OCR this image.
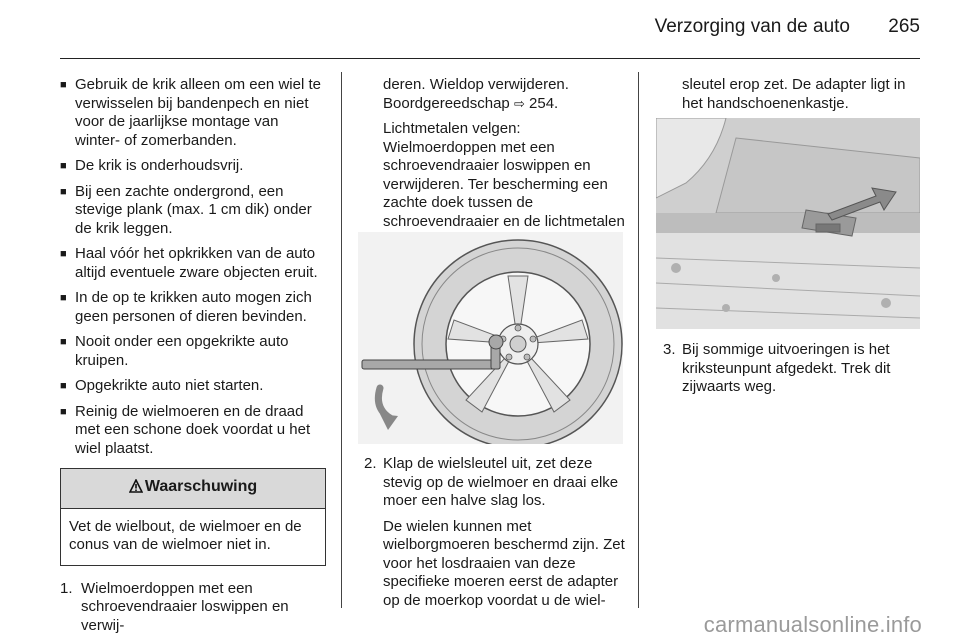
Verzorging van de auto 265
■ Gebruik de krik alleen om een wiel te verwisselen bij bandenpech en niet voor de jaarlijkse montage van winter- of zomerbanden.
■ De krik is onderhoudsvrij.
■ Bij een zachte ondergrond, een stevige plank (max. 1 cm dik) onder de krik leggen.
■ Haal vóór het opkrikken van de auto altijd eventuele zware objecten eruit.
■ In de op te krikken auto mogen zich geen personen of dieren bevinden.
■ Nooit onder een opgekrikte auto kruipen.
■ Opgekrikte auto niet starten.
■ Reinig de wielmoeren en de draad met een schone doek voordat u het wiel plaatst.
Waarschuwing
Vet de wielbout, de wielmoer en de conus van de wielmoer niet in.
1. Wielmoerdoppen met een schroevendraaier loswippen en verwij-

deren. Wieldop verwijderen.

Boordgereedschap ⇨ 254.

Lichtmetalen velgen: Wielmoerdoppen met een schroevendraaier loswippen en verwijderen. Ter bescherming een zachte doek tussen de schroevendraaier en de lichtmetalen

2. Klap de wielsleutel uit, zet deze stevig op de wielmoer en draai elke moer een halve slag los.

De wielen kunnen met wielborgmoeren beschermd zijn. Zet voor het losdraaien van deze specifieke moeren eerst de adapter op de moerkop voordat u de wiel-

sleutel erop zet. De adapter ligt in het handschoenenkastje.

3. Bij sommige uitvoeringen is het kriksteunpunt afgedekt. Trek dit zijwaarts weg.
carmanualsonline.info
